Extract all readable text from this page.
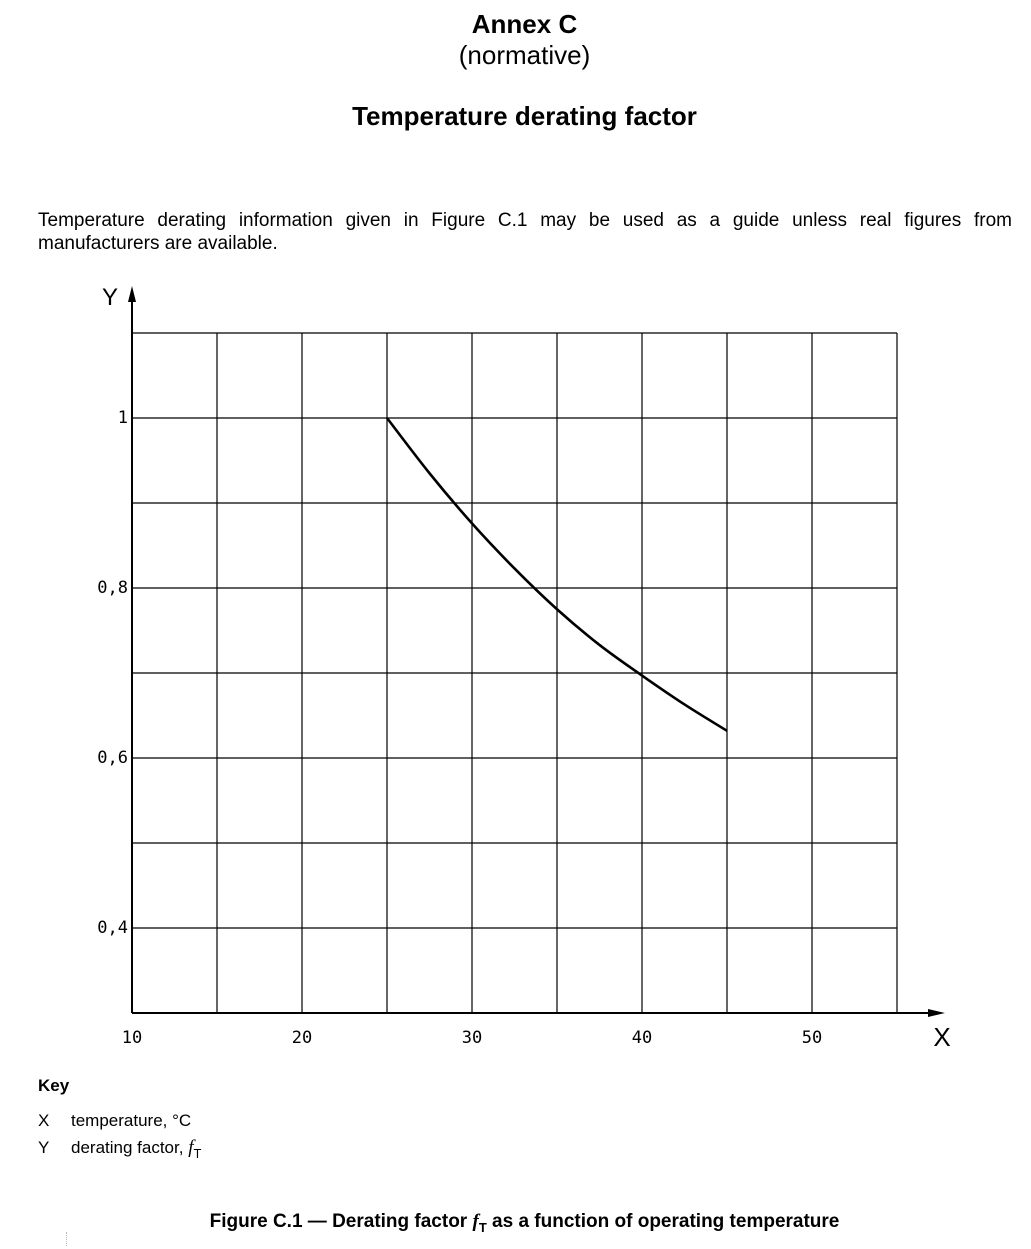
Annex C
(normative)
Temperature derating factor
Temperature derating information given in Figure C.1 may be used as a guide unless real figures from manufacturers are available.
X
Y
10	20	30	40	50
0,4
0,6
0,8
1
Key
X temperature, °C
Y derating factor, $f_T$
Figure C.1 — Derating factor $f_T$ as a function of operating temperature
